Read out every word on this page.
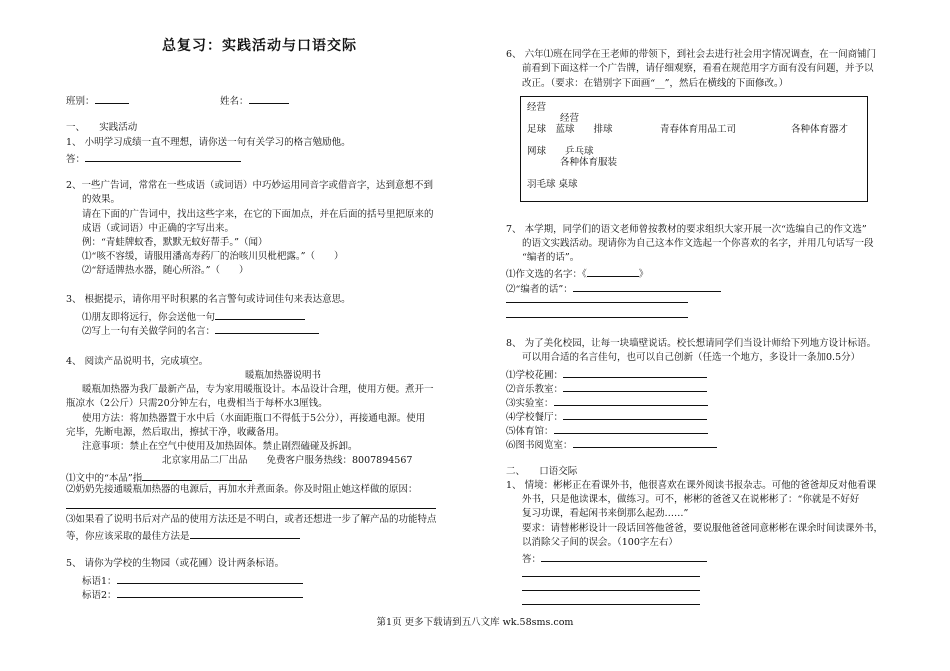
总复习：实践活动与口语交际
班别：	姓名：
一、　　实践活动
1、 小明学习成绩一直不理想，请你送一句有关学习的格言勉励他。
答：
2、一些广告词，常常在一些成语（或词语）中巧妙运用同音字或借音字，达到意想不到
的效果。
请在下面的广告词中，找出这些字来，在它的下面加点，并在后面的括号里把原来的
成语（或词语）中正确的字写出来。
例：“青蛙牌蚊香，默默无蚊好帮手。”（闻）
⑴“咳不容缓，请服用潘高寿药厂的治咳川贝枇杷露。”（　　）
⑵“舒适牌热水器，随心所浴。”（　　）
3、 根据提示，请你用平时积累的名言警句或诗词佳句来表达意思。
⑴朋友即将远行，你会送他一句
⑵写上一句有关做学问的名言：
4、 阅读产品说明书，完成填空。
暖瓶加热器说明书
暖瓶加热器为我厂最新产品，专为家用暖瓶设计。本品设计合理，使用方便。煮开一
瓶凉水（2公斤）只需20分钟左右，电费相当于每杯水3厘钱。
使用方法：将加热器置于水中后（水面距瓶口不得低于5公分），再接通电源。使用
完毕，先断电源，然后取出，擦拭干净，收藏备用。
注意事项：禁止在空气中使用及加热固体。禁止剧烈磕碰及拆卸。
北京家用品二厂出品　　免费客户服务热线：8007894567
⑴文中的“本品”指
⑵奶奶先接通暖瓶加热器的电源后，再加水并煮面条。你及时阻止她这样做的原因：
⑶如果看了说明书后对产品的使用方法还是不明白，或者还想进一步了解产品的功能特点
等，你应该采取的最佳方法是
5、 请你为学校的生物园（或花圃）设计两条标语。
标语1：
标语2：
6、 六年⑴班在同学在王老师的带领下，到社会去进行社会用字情况调查，在一间商铺门
前看到下面这样一个广告牌，请仔细观察，看看在规范用字方面有没有问题，并予以
改正。（要求：在错别字下面画“__”，然后在横线的下面修改。）
经营
经营
足球　蓝球　　排球	青春体育用品工司	各种体育器才
网球　　乒乓球
各种体育服装
羽毛球 桌球
7、 本学期，同学们的语文老师曾按教材的要求组织大家开展一次“选编自己的作文选”
的语文实践活动。现请你为自己这本作文选起一个你喜欢的名字，并用几句话写一段
“编者的话”。
⑴作文选的名字：《	》
⑵“编者的话”：
8、 为了美化校园，让每一块墙壁说话。校长想请同学们当设计师给下列地方设计标语。
可以用合适的名言佳句，也可以自己创新（任选一个地方，多设计一条加0.5分）
⑴学校花圃：
⑵音乐教室：
⑶实验室：
⑷学校餐厅：
⑸体育馆：
⑹图书阅览室：
二、　　口语交际
1、 情境：彬彬正在看课外书，他很喜欢在课外阅读书报杂志。可他的爸爸却反对他看课
外书，只是他读课本，做练习。可不，彬彬的爸爸又在说彬彬了：“你就是不好好
复习功课，看起闲书来倒那么起劲……”
要求：请替彬彬设计一段话回答他爸爸，要说服他爸爸同意彬彬在课余时间读课外书，
以消除父子间的误会。（100字左右）
答：
第1页 更多下载请到五八文库 wk.58sms.com
